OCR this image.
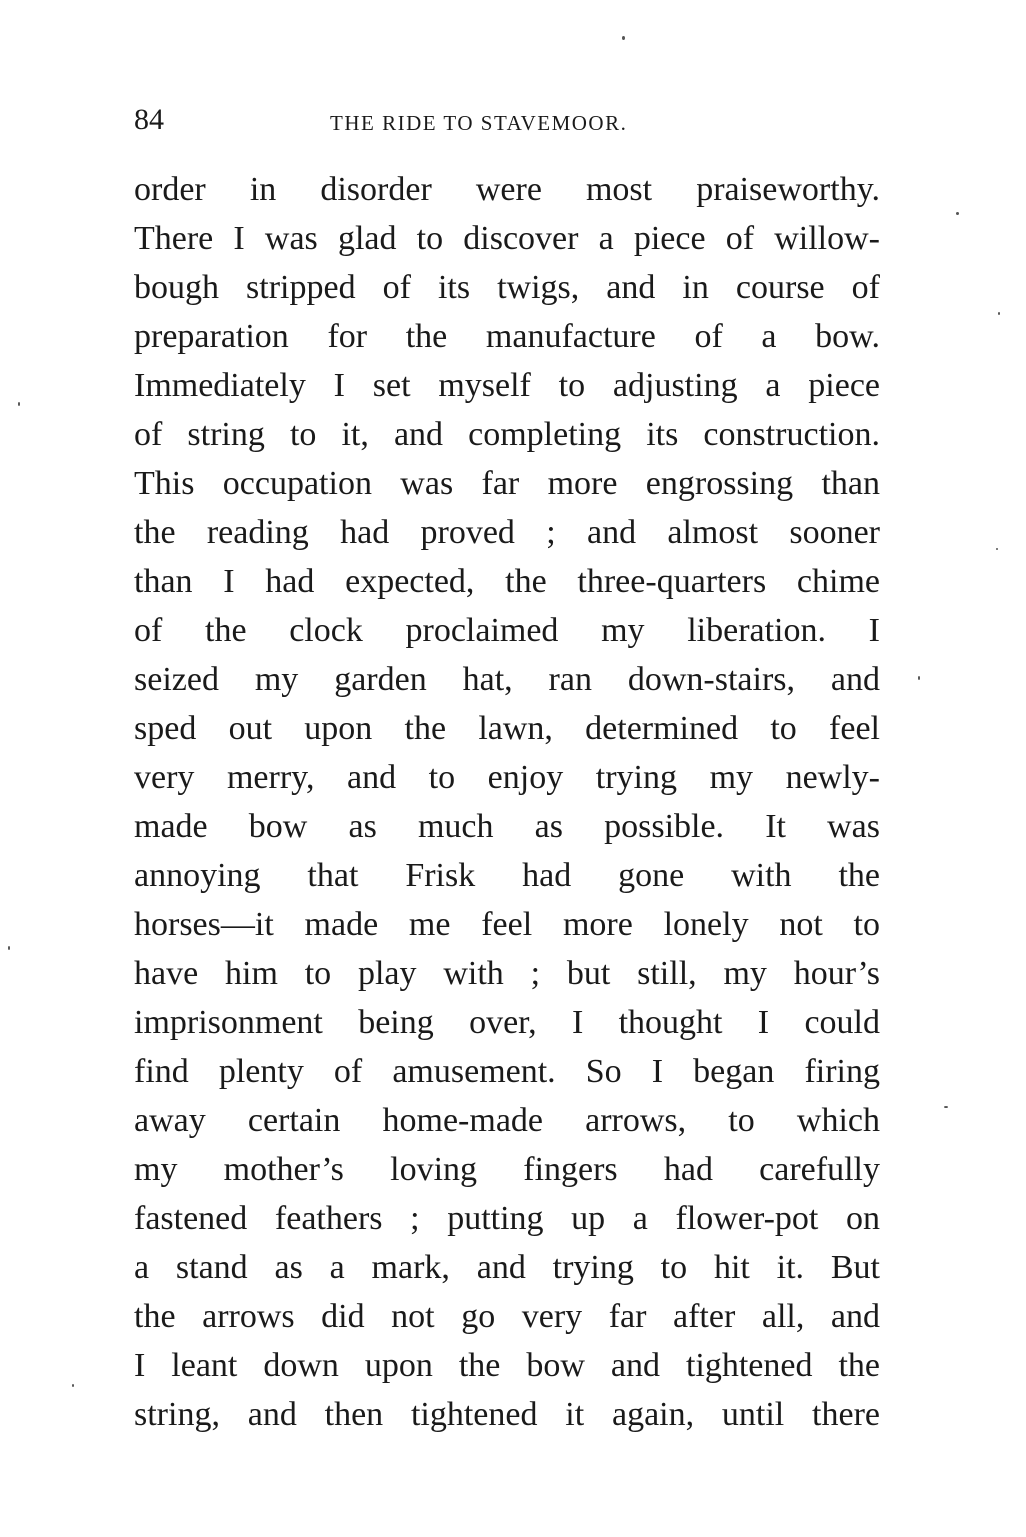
84	THE RIDE TO STAVEMOOR.
order in disorder were most praiseworthy.
There I was glad to discover a piece of willow-
bough stripped of its twigs, and in course of
preparation for the manufacture of a bow.
Immediately I set myself to adjusting a piece
of string to it, and completing its construction.
This occupation was far more engrossing than
the reading had proved ; and almost sooner
than I had expected, the three-quarters chime
of the clock proclaimed my liberation. I
seized my garden hat, ran down-stairs, and
sped out upon the lawn, determined to feel
very merry, and to enjoy trying my newly-
made bow as much as possible. It was
annoying that Frisk had gone with the
horses—it made me feel more lonely not to
have him to play with ; but still, my hour’s
imprisonment being over, I thought I could
find plenty of amusement. So I began firing
away certain home-made arrows, to which
my mother’s loving fingers had carefully
fastened feathers ; putting up a flower-pot on
a stand as a mark, and trying to hit it. But
the arrows did not go very far after all, and
I leant down upon the bow and tightened the
string, and then tightened it again, until there
